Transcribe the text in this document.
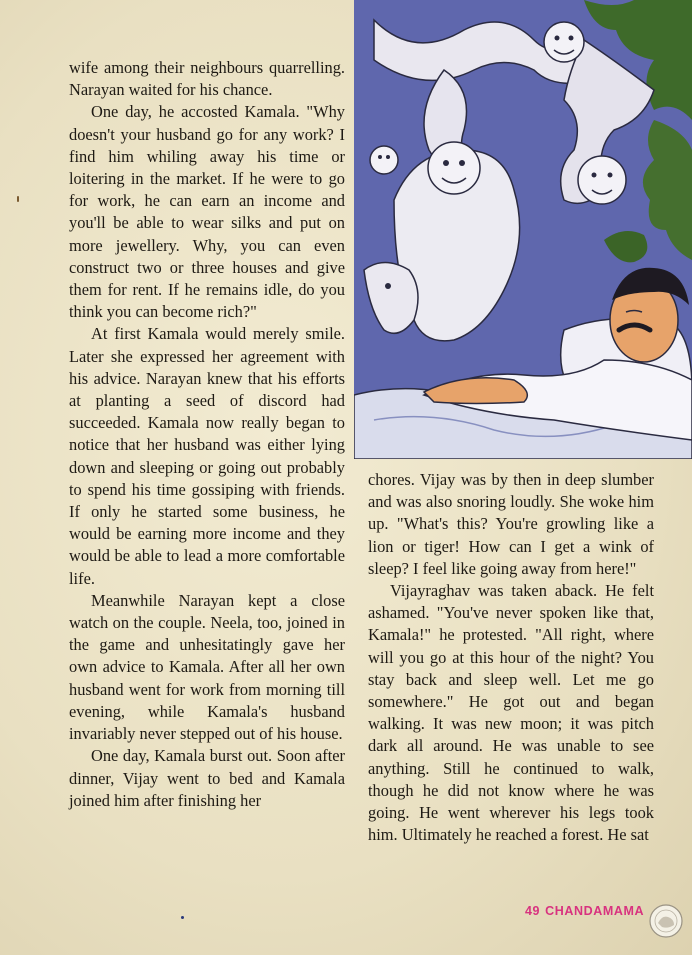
wife among their neighbours quarrelling. Narayan waited for his chance.

One day, he accosted Kamala. "Why doesn't your husband go for any work? I find him whiling away his time or loitering in the market. If he were to go for work, he can earn an income and you'll be able to wear silks and put on more jewellery. Why, you can even construct two or three houses and give them for rent. If he remains idle, do you think you can become rich?"

At first Kamala would merely smile. Later she expressed her agreement with his advice. Narayan knew that his efforts at planting a seed of discord had succeeded. Kamala now really began to notice that her husband was either lying down and sleeping or going out probably to spend his time gossiping with friends. If only he started some business, he would be earning more income and they would be able to lead a more comfortable life.

Meanwhile Narayan kept a close watch on the couple. Neela, too, joined in the game and unhesitatingly gave her own advice to Kamala. After all her own husband went for work from morning till evening, while Kamala's husband invariably never stepped out of his house.

One day, Kamala burst out. Soon after dinner, Vijay went to bed and Kamala joined him after finishing her

chores. Vijay was by then in deep slumber and was also snoring loudly. She woke him up. "What's this? You're growling like a lion or tiger! How can I get a wink of sleep? I feel like going away from here!"

Vijayraghav was taken aback. He felt ashamed. "You've never spoken like that, Kamala!" he protested. "All right, where will you go at this hour of the night? You stay back and sleep well. Let me go somewhere." He got out and began walking. It was new moon; it was pitch dark all around. He was unable to see anything. Still he continued to walk, though he did not know where he was going. He went wherever his legs took him. Ultimately he reached a forest. He sat

49 CHANDAMAMA
